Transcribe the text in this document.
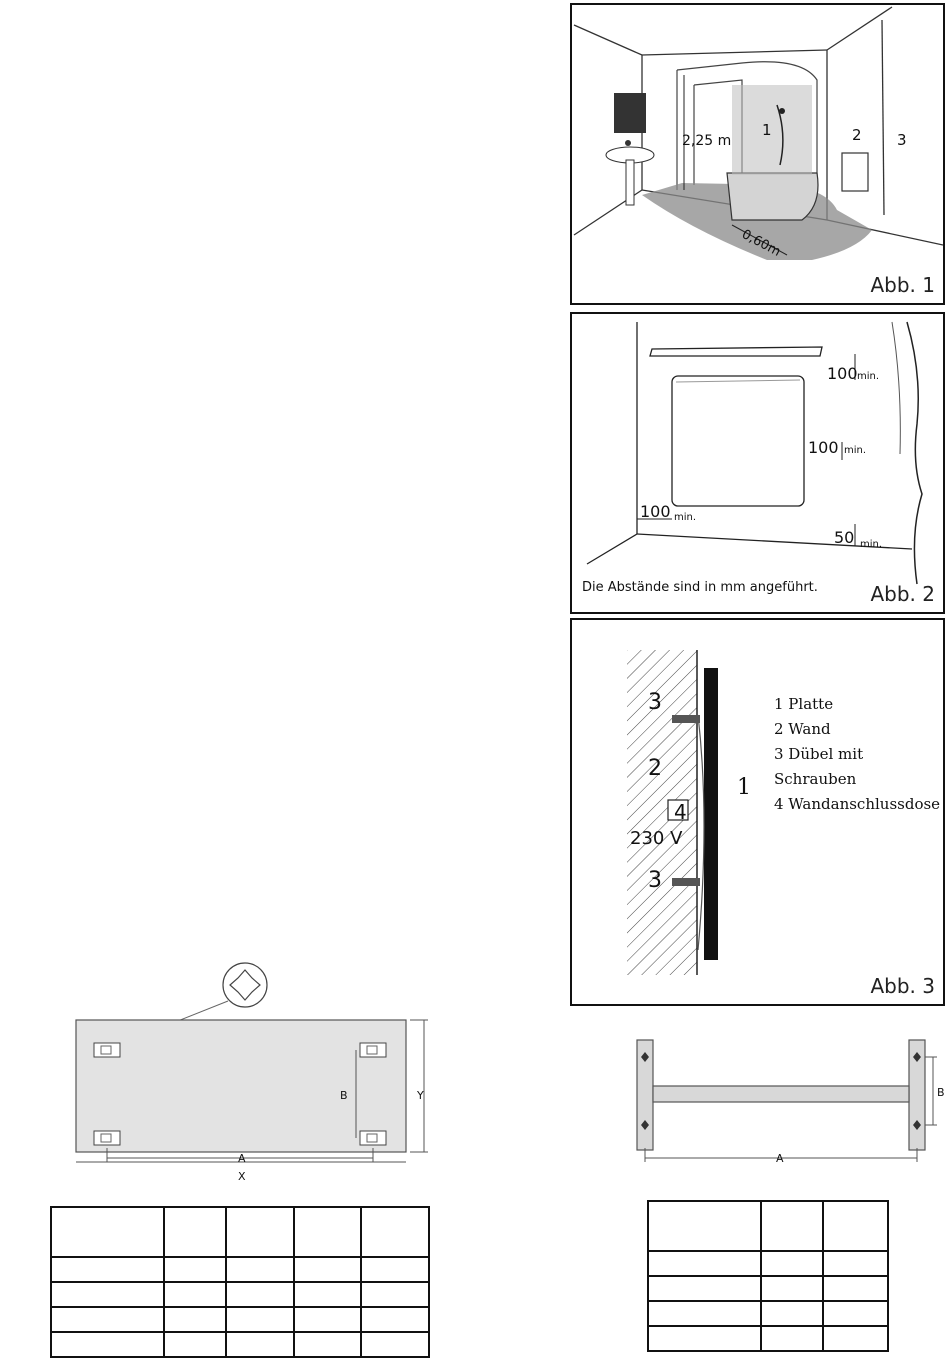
2,25 m
0,60m
1	2 3
Abb. 1
100 min.
100 min.
100 min.
50 min.
Die Abstände sind in mm angeführt.	Abb. 2
3
2
4
230 V
3
1
1 Platte
2 Wand
3 Dübel mit Schrauben
4 Wandanschlussdose
Abb. 3
A
B
X
Y
A
B
